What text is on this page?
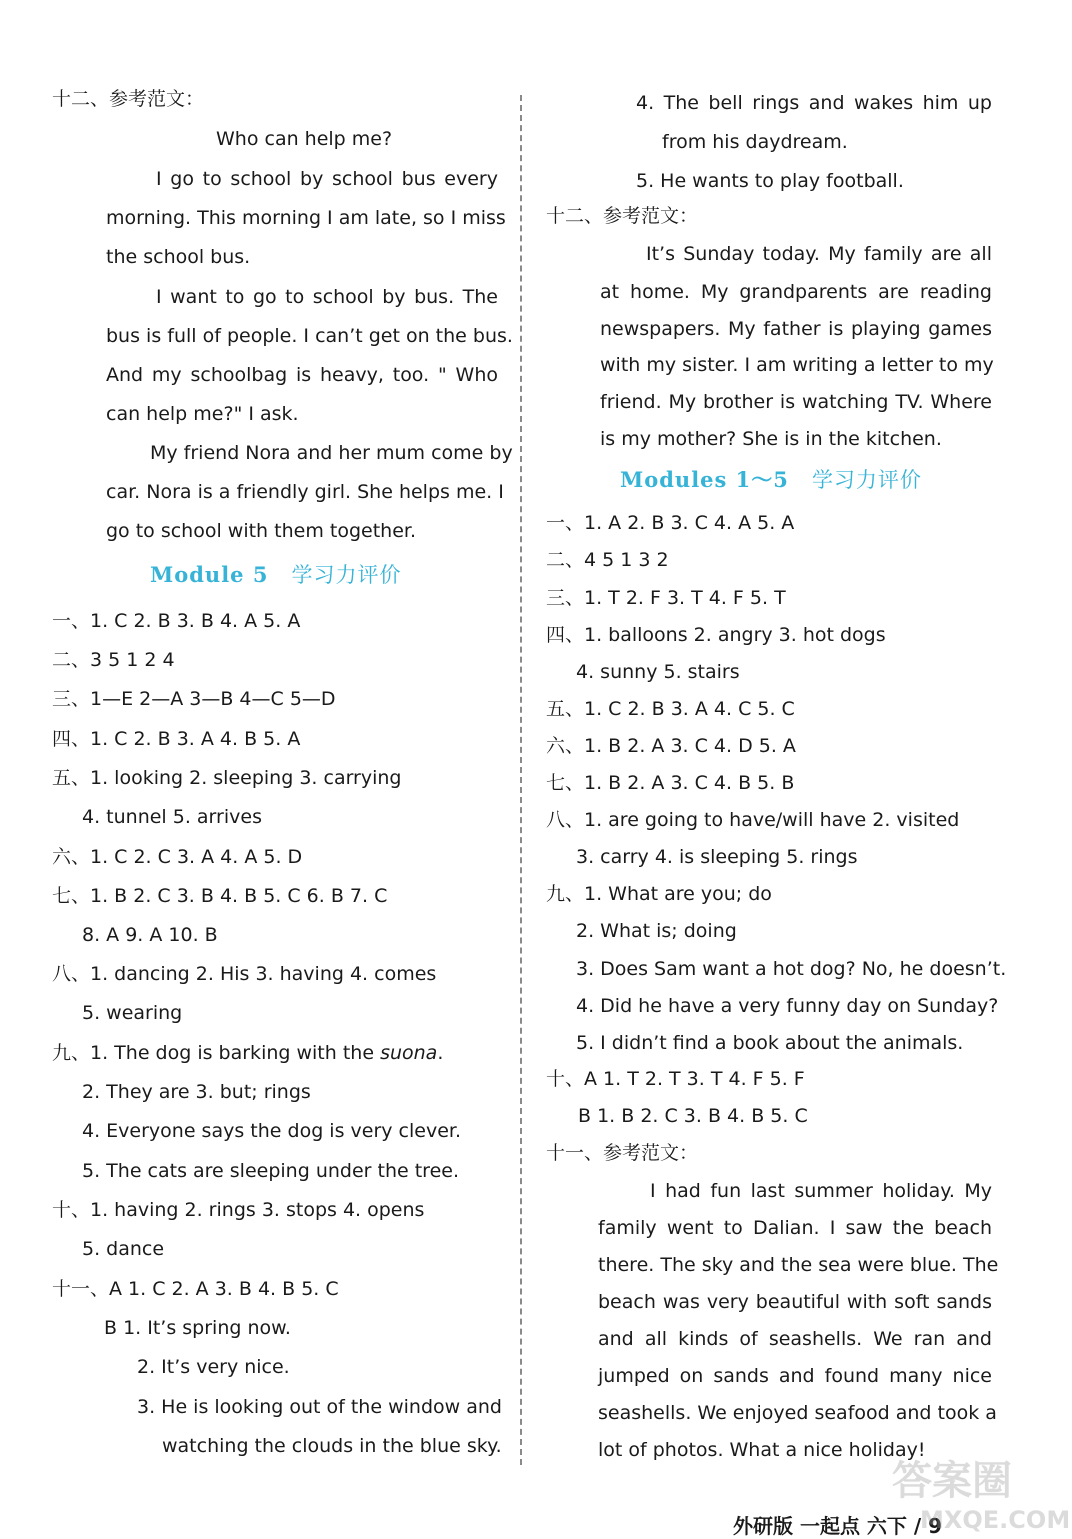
十二、参考范文：
Who can help me?
I go to school by school bus every
morning. This morning I am late, so I miss
the school bus.
I want to go to school by bus. The
bus is full of people. I can’t get on the bus.
And my schoolbag is heavy, too. " Who
can help me?" I ask.
My friend Nora and her mum come by
car. Nora is a friendly girl. She helps me. I
go to school with them together.
Module 5 学习力评价
一、1. C 2. B 3. B 4. A 5. A
二、3 5 1 2 4
三、1—E 2—A 3—B 4—C 5—D
四、1. C 2. B 3. A 4. B 5. A
五、1. looking 2. sleeping 3. carrying
4. tunnel 5. arrives
六、1. C 2. C 3. A 4. A 5. D
七、1. B 2. C 3. B 4. B 5. C 6. B 7. C
8. A 9. A 10. B
八、1. dancing 2. His 3. having 4. comes
5. wearing
九、1. The dog is barking with the suona.
2. They are 3. but; rings
4. Everyone says the dog is very clever.
5. The cats are sleeping under the tree.
十、1. having 2. rings 3. stops 4. opens
5. dance
十一、A 1. C 2. A 3. B 4. B 5. C
B 1. It’s spring now.
2. It’s very nice.
3. He is looking out of the window and
watching the clouds in the blue sky.
4. The bell rings and wakes him up
from his daydream.
5. He wants to play football.
十二、参考范文：
It’s Sunday today. My family are all
at home. My grandparents are reading
newspapers. My father is playing games
with my sister. I am writing a letter to my
friend. My brother is watching TV. Where
is my mother? She is in the kitchen.
Modules 1～5 学习力评价
一、1. A 2. B 3. C 4. A 5. A
二、4 5 1 3 2
三、1. T 2. F 3. T 4. F 5. T
四、1. balloons 2. angry 3. hot dogs
4. sunny 5. stairs
五、1. C 2. B 3. A 4. C 5. C
六、1. B 2. A 3. C 4. D 5. A
七、1. B 2. A 3. C 4. B 5. B
八、1. are going to have/will have 2. visited
3. carry 4. is sleeping 5. rings
九、1. What are you; do
2. What is; doing
3. Does Sam want a hot dog? No, he doesn’t.
4. Did he have a very funny day on Sunday?
5. I didn’t find a book about the animals.
十、A 1. T 2. T 3. T 4. F 5. F
B 1. B 2. C 3. B 4. B 5. C
十一、参考范文：
I had fun last summer holiday. My
family went to Dalian. I saw the beach
there. The sky and the sea were blue. The
beach was very beautiful with soft sands
and all kinds of seashells. We ran and
jumped on sands and found many nice
seashells. We enjoyed seafood and took a
lot of photos. What a nice holiday!
外研版 一起点 六下 / 9
答案圈
MXQE.COM
